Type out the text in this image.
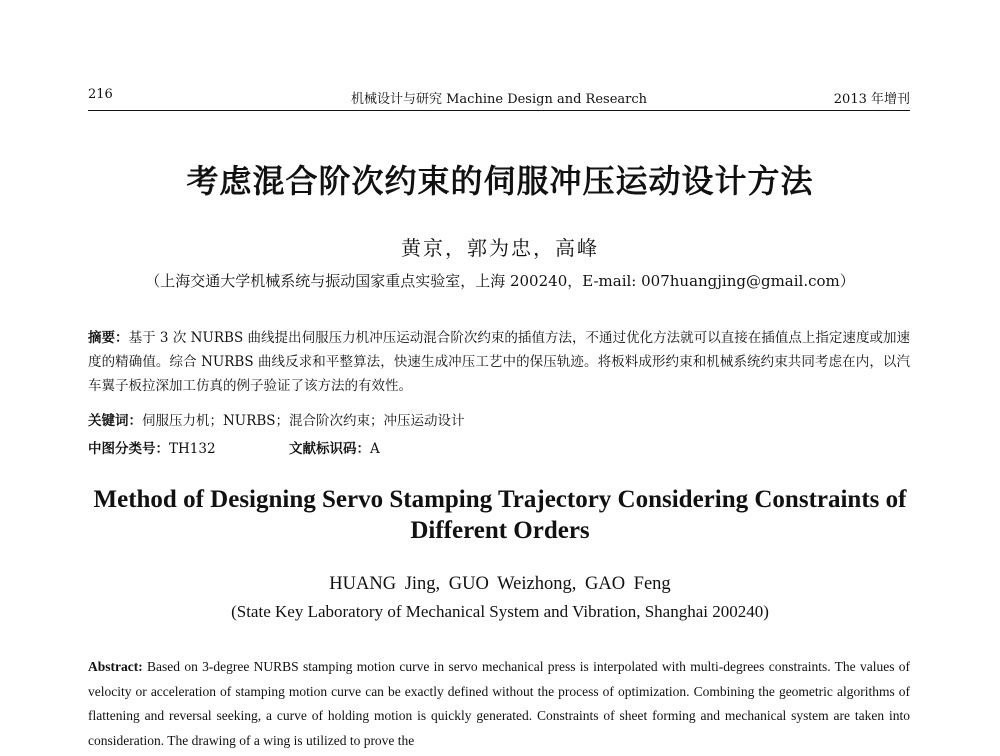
216	机械设计与研究 Machine Design and Research	2013 年增刊
考虑混合阶次约束的伺服冲压运动设计方法
黄京，郭为忠，高峰
（上海交通大学机械系统与振动国家重点实验室，上海 200240，E-mail: 007huangjing@gmail.com）
摘要：基于 3 次 NURBS 曲线提出伺服压力机冲压运动混合阶次约束的插值方法，不通过优化方法就可以直接在插值点上指定速度或加速度的精确值。综合 NURBS 曲线反求和平整算法，快速生成冲压工艺中的保压轨迹。将板料成形约束和机械系统约束共同考虑在内，以汽车翼子板拉深加工仿真的例子验证了该方法的有效性。
关键词：伺服压力机；NURBS；混合阶次约束；冲压运动设计
中图分类号：TH132	文献标识码：A
Method of Designing Servo Stamping Trajectory Considering Constraints of Different Orders
HUANG Jing, GUO Weizhong, GAO Feng
(State Key Laboratory of Mechanical System and Vibration, Shanghai 200240)
Abstract: Based on 3-degree NURBS stamping motion curve in servo mechanical press is interpolated with multi-degrees constraints. The values of velocity or acceleration of stamping motion curve can be exactly defined without the process of optimization. Combining the geometric algorithms of flattening and reversal seeking, a curve of holding motion is quickly generated. Constraints of sheet forming and mechanical system are taken into consideration. The drawing of a wing is utilized to prove the
